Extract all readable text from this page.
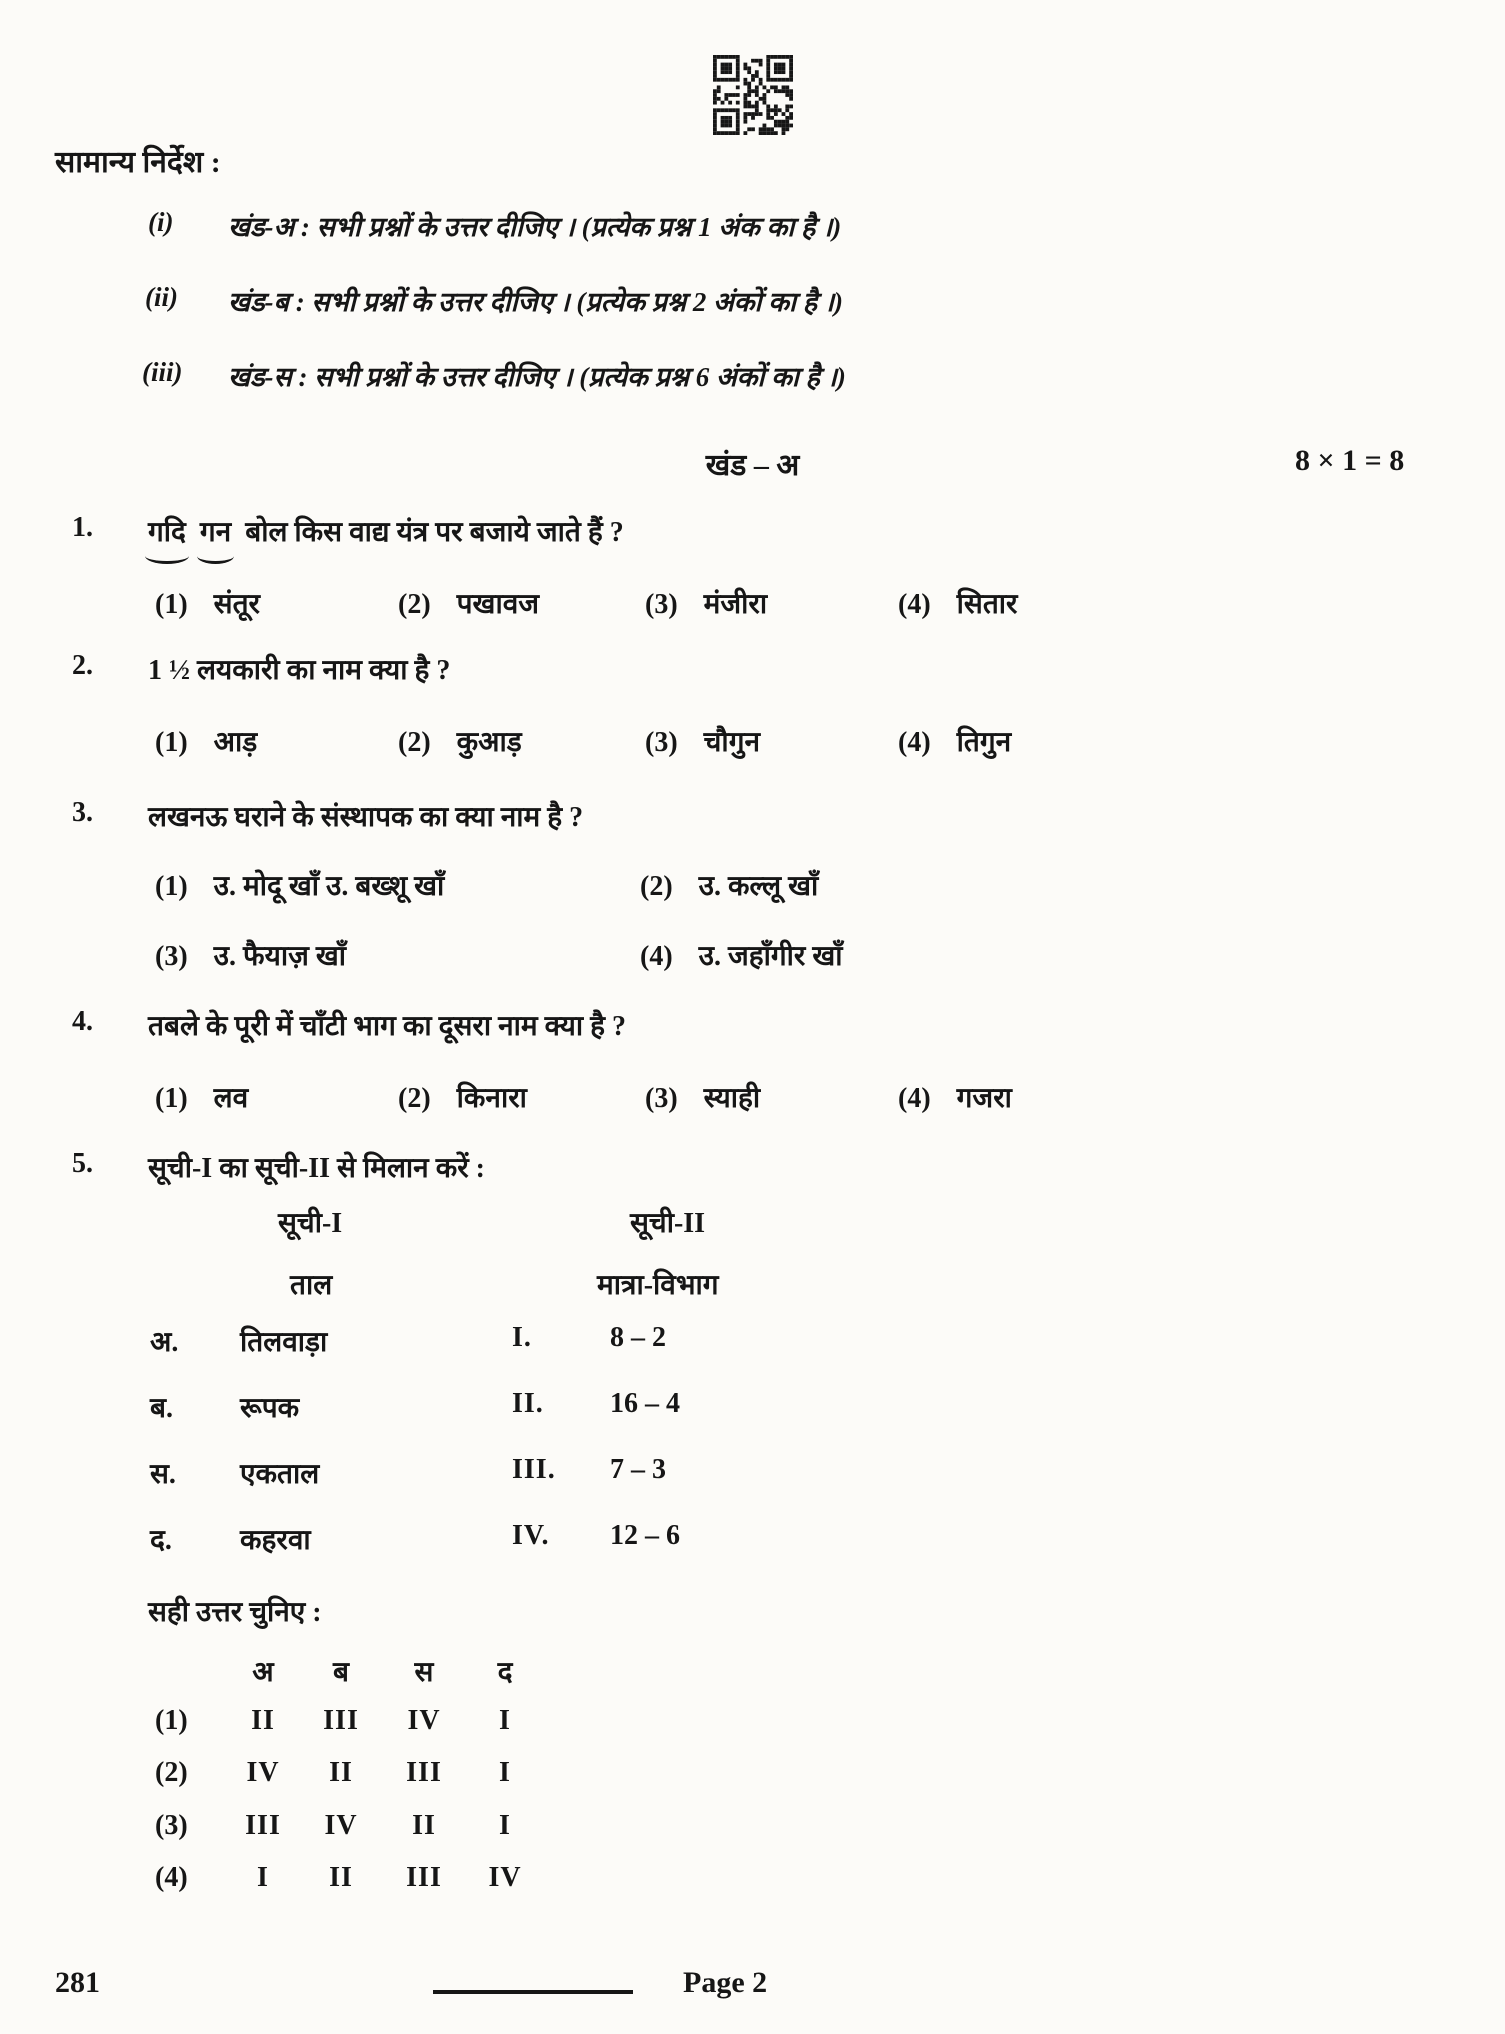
सामान्य निर्देश :
(i) खंड-अ : सभी प्रश्नों के उत्तर दीजिए । (प्रत्येक प्रश्न 1 अंक का है ।)
(ii) खंड-ब : सभी प्रश्नों के उत्तर दीजिए । (प्रत्येक प्रश्न 2 अंकों का है ।)
(iii) खंड-स : सभी प्रश्नों के उत्तर दीजिए । (प्रत्येक प्रश्न 6 अंकों का है ।)
खंड – अ	8 × 1 = 8
1. गदि गन बोल किस वाद्य यंत्र पर बजाये जाते हैं ?
(1) संतूर	(2) पखावज	(3) मंजीरा	(4) सितार
2. 1 ½ लयकारी का नाम क्या है ?
(1) आड़	(2) कुआड़	(3) चौगुन	(4) तिगुन
3. लखनऊ घराने के संस्थापक का क्या नाम है ?
(1) उ. मोदू खाँ उ. बख्शू खाँ	(2) उ. कल्लू खाँ
(3) उ. फैयाज़ खाँ	(4) उ. जहाँगीर खाँ
4. तबले के पूरी में चाँटी भाग का दूसरा नाम क्या है ?
(1) लव	(2) किनारा	(3) स्याही	(4) गजरा
5. सूची-I का सूची-II से मिलान करें :
सूची-I	सूची-II
ताल	मात्रा-विभाग
अ. तिलवाड़ा	I.	8 – 2
ब. रूपक	II. 16 – 4
स. एकताल	III. 7 – 3
द. कहरवा	IV. 12 – 6
सही उत्तर चुनिए :
अ ब स द
(1) II III IV I
(2) IV II III I
(3) III IV II I
(4) I II III IV
281	Page 2
